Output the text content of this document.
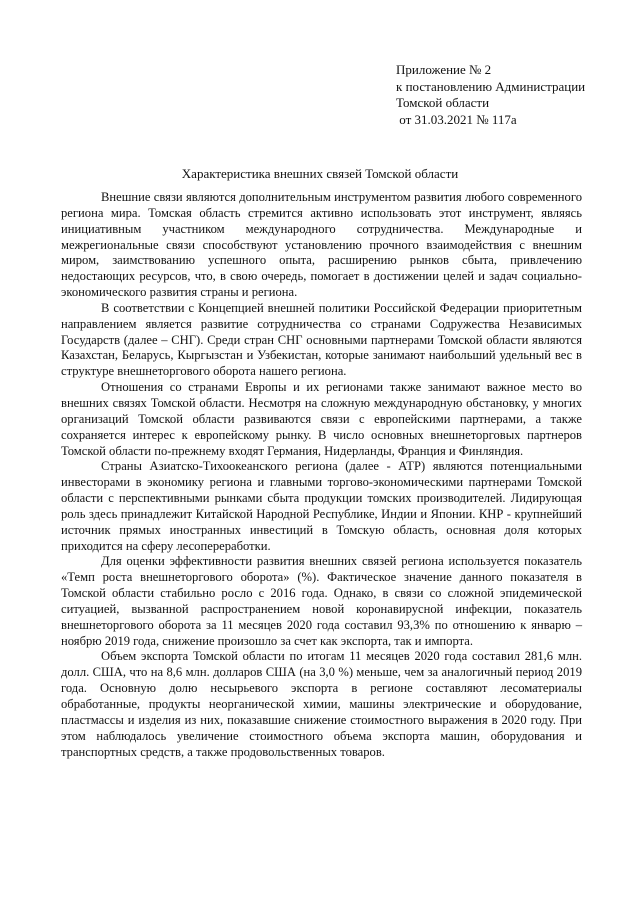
Приложение № 2
к постановлению Администрации
Томской области
от 31.03.2021 № 117а
Характеристика внешних связей Томской области

Внешние связи являются дополнительным инструментом развития любого современного региона мира. Томская область стремится активно использовать этот инструмент, являясь инициативным участником международного сотрудничества. Международные и межрегиональные связи способствуют установлению прочного взаимодействия с внешним миром, заимствованию успешного опыта, расширению рынков сбыта, привлечению недостающих ресурсов, что, в свою очередь, помогает в достижении целей и задач социально-экономического развития страны и региона.

В соответствии с Концепцией внешней политики Российской Федерации приоритетным направлением является развитие сотрудничества со странами Содружества Независимых Государств (далее – СНГ). Среди стран СНГ основными партнерами Томской области являются Казахстан, Беларусь, Кыргызстан и Узбекистан, которые занимают наибольший удельный вес в структуре внешнеторгового оборота нашего региона.

Отношения со странами Европы и их регионами также занимают важное место во внешних связях Томской области. Несмотря на сложную международную обстановку, у многих организаций Томской области развиваются связи с европейскими партнерами, а также сохраняется интерес к европейскому рынку. В число основных внешнеторговых партнеров Томской области по-прежнему входят Германия, Нидерланды, Франция и Финляндия.

Страны Азиатско-Тихоокеанского региона (далее - АТР) являются потенциальными инвесторами в экономику региона и главными торгово-экономическими партнерами Томской области с перспективными рынками сбыта продукции томских производителей. Лидирующая роль здесь принадлежит Китайской Народной Республике, Индии и Японии. КНР - крупнейший источник прямых иностранных инвестиций в Томскую область, основная доля которых приходится на сферу лесопереработки.

Для оценки эффективности развития внешних связей региона используется показатель «Темп роста внешнеторгового оборота» (%). Фактическое значение данного показателя в Томской области стабильно росло с 2016 года. Однако, в связи со сложной эпидемической ситуацией, вызванной распространением новой коронавирусной инфекции, показатель внешнеторгового оборота за 11 месяцев 2020 года составил 93,3% по отношению к январю – ноябрю 2019 года, снижение произошло за счет как экспорта, так и импорта.

Объем экспорта Томской области по итогам 11 месяцев 2020 года составил 281,6 млн. долл. США, что на 8,6 млн. долларов США (на 3,0 %) меньше, чем за аналогичный период 2019 года. Основную долю несырьевого экспорта в регионе составляют лесоматериалы обработанные, продукты неорганической химии, машины электрические и оборудование, пластмассы и изделия из них, показавшие снижение стоимостного выражения в 2020 году. При этом наблюдалось увеличение стоимостного объема экспорта машин, оборудования и транспортных средств, а также продовольственных товаров.
